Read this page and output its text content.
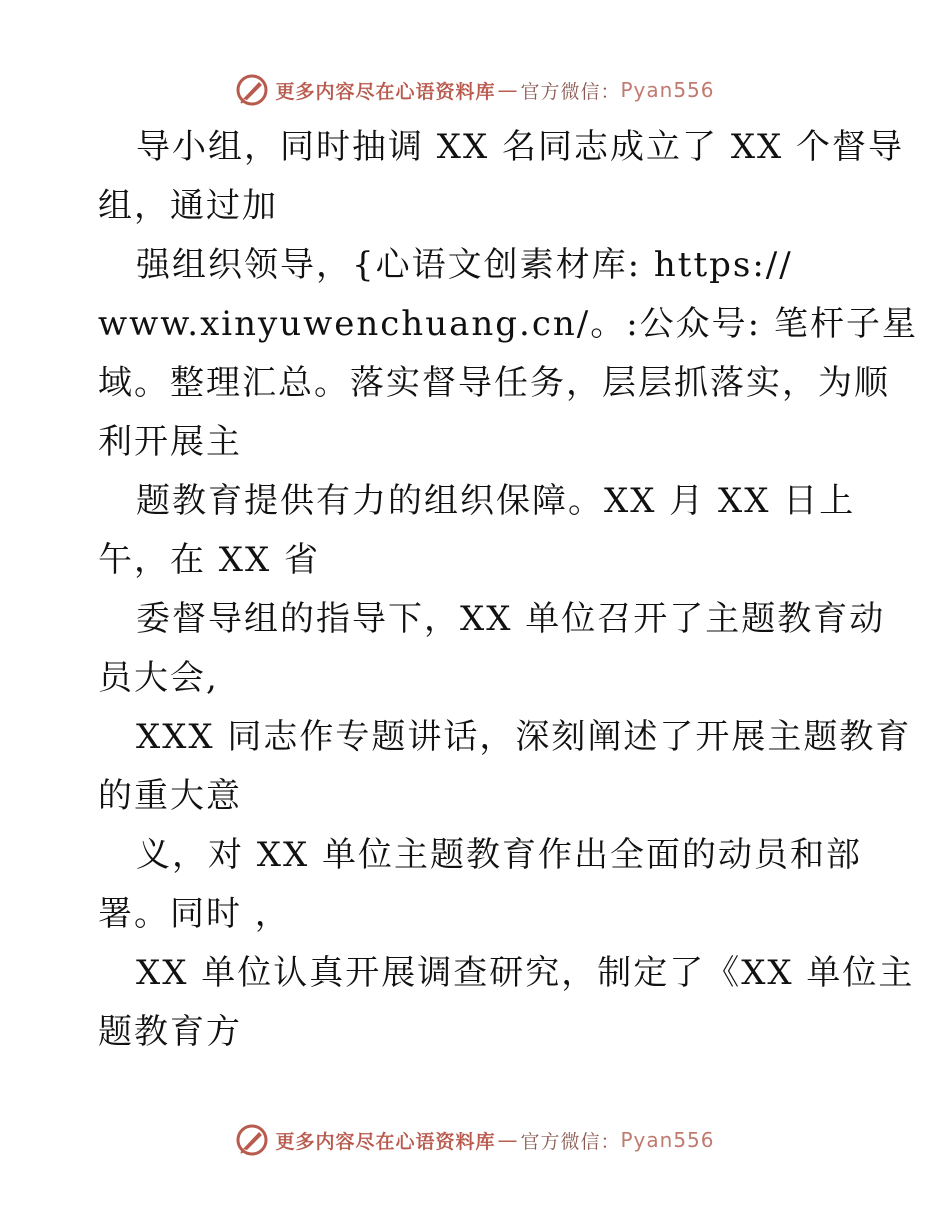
更多内容尽在心语资料库 — 官方微信： Pyan556
导小组，同时抽调 XX 名同志成立了 XX 个督导
组，通过加
强组织领导，{心语文创素材库: https://
www.xinyuwenchuang.cn/。:公众号: 笔杆子星
域。整理汇总。落实督导任务，层层抓落实，为顺
利开展主
题教育提供有力的组织保障。XX 月 XX 日上
午，在 XX 省
委督导组的指导下，XX 单位召开了主题教育动
员大会,
XXX 同志作专题讲话，深刻阐述了开展主题教育
的重大意
义，对 XX 单位主题教育作出全面的动员和部
署。同时 ，
XX 单位认真开展调查研究，制定了《XX 单位主
题教育方
更多内容尽在心语资料库 — 官方微信： Pyan556
